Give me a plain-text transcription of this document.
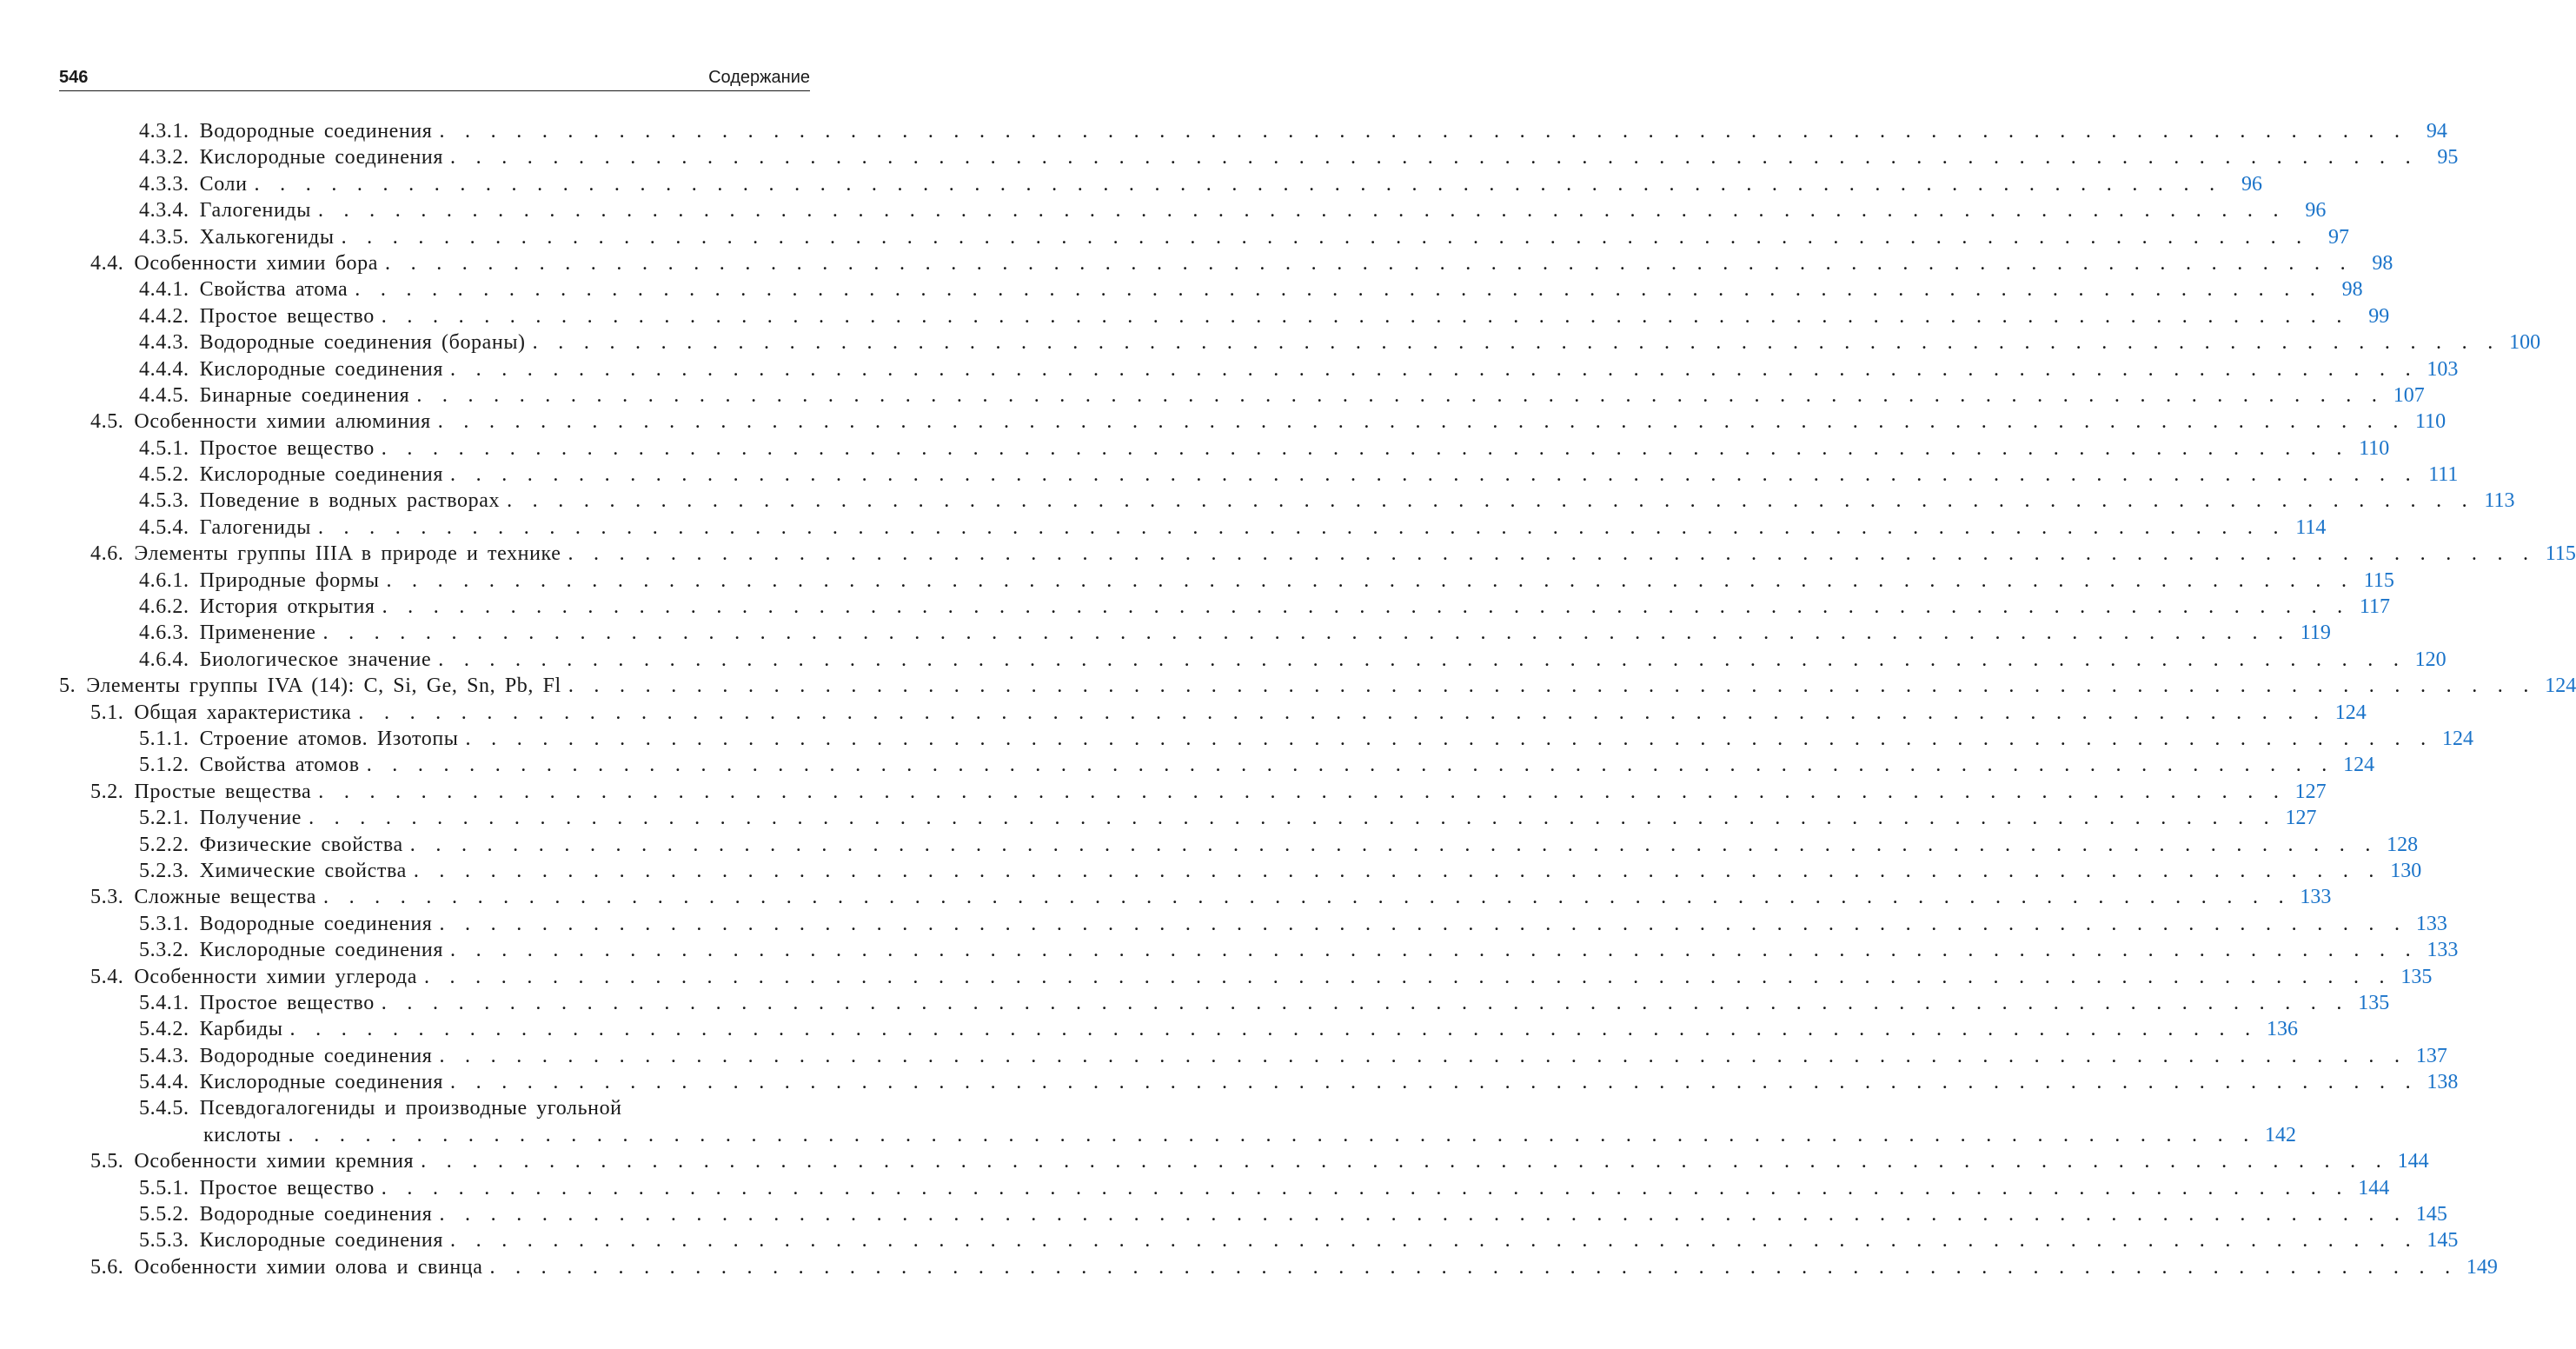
546	Содержание
4.3.1. Водородные соединения . . . . . . . . . . . . . . . . . . . . . . . . . . . . . . . . . . . . . . . . . . . . . . . . . . . . . . . . . . . . . . . . . . . . . . . . . . . . .	94
4.3.2. Кислородные соединения . . . . . . . . . . . . . . . . . . . . . . . . . . . . . . . . . . . . . . . . . . . . . . . . . . . . . . . . . . . . . . . . . . . . . . . . . . . . .	95
4.3.3. Соли . . . . . . . . . . . . . . . . . . . . . . . . . . . . . . . . . . . . . . . . . . . . . . . . . . . . . . . . . . . . . . . . . . . . . . . . . . . . .	96
4.3.4. Галогениды . . . . . . . . . . . . . . . . . . . . . . . . . . . . . . . . . . . . . . . . . . . . . . . . . . . . . . . . . . . . . . . . . . . . . . . . . . . . .	96
4.3.5. Халькогениды . . . . . . . . . . . . . . . . . . . . . . . . . . . . . . . . . . . . . . . . . . . . . . . . . . . . . . . . . . . . . . . . . . . . . . . . . . . . .	97
4.4. Особенности химии бора . . . . . . . . . . . . . . . . . . . . . . . . . . . . . . . . . . . . . . . . . . . . . . . . . . . . . . . . . . . . . . . . . . . . . . . . . . . . .	98
4.4.1. Свойства атома . . . . . . . . . . . . . . . . . . . . . . . . . . . . . . . . . . . . . . . . . . . . . . . . . . . . . . . . . . . . . . . . . . . . . . . . . . . . .	98
4.4.2. Простое вещество . . . . . . . . . . . . . . . . . . . . . . . . . . . . . . . . . . . . . . . . . . . . . . . . . . . . . . . . . . . . . . . . . . . . . . . . . . . . .	99
4.4.3. Водородные соединения (бораны) . . . . . . . . . . . . . . . . . . . . . . . . . . . . . . . . . . . . . . . . . . . . . . . . . . . . . . . . . . . . . . . . . . . . . . . . . . . . . 100
4.4.4. Кислородные соединения . . . . . . . . . . . . . . . . . . . . . . . . . . . . . . . . . . . . . . . . . . . . . . . . . . . . . . . . . . . . . . . . . . . . . . . . . . . . . 103
4.4.5. Бинарные соединения . . . . . . . . . . . . . . . . . . . . . . . . . . . . . . . . . . . . . . . . . . . . . . . . . . . . . . . . . . . . . . . . . . . . . . . . . . . . . 107
4.5. Особенности химии алюминия . . . . . . . . . . . . . . . . . . . . . . . . . . . . . . . . . . . . . . . . . . . . . . . . . . . . . . . . . . . . . . . . . . . . . . . . . . . . . 110
4.5.1. Простое вещество . . . . . . . . . . . . . . . . . . . . . . . . . . . . . . . . . . . . . . . . . . . . . . . . . . . . . . . . . . . . . . . . . . . . . . . . . . . . . 110
4.5.2. Кислородные соединения . . . . . . . . . . . . . . . . . . . . . . . . . . . . . . . . . . . . . . . . . . . . . . . . . . . . . . . . . . . . . . . . . . . . . . . . . . . . . 111
4.5.3. Поведение в водных растворах . . . . . . . . . . . . . . . . . . . . . . . . . . . . . . . . . . . . . . . . . . . . . . . . . . . . . . . . . . . . . . . . . . . . . . . . . . . . . 113
4.5.4. Галогениды . . . . . . . . . . . . . . . . . . . . . . . . . . . . . . . . . . . . . . . . . . . . . . . . . . . . . . . . . . . . . . . . . . . . . . . . . . . . . 114
4.6. Элементы группы IIIA в природе и технике . . . . . . . . . . . . . . . . . . . . . . . . . . . . . . . . . . . . . . . . . . . . . . . . . . . . . . . . . . . . . . . . . . . . . . . . . . . . . 115
4.6.1. Природные формы . . . . . . . . . . . . . . . . . . . . . . . . . . . . . . . . . . . . . . . . . . . . . . . . . . . . . . . . . . . . . . . . . . . . . . . . . . . . . 115
4.6.2. История открытия . . . . . . . . . . . . . . . . . . . . . . . . . . . . . . . . . . . . . . . . . . . . . . . . . . . . . . . . . . . . . . . . . . . . . . . . . . . . . 117
4.6.3. Применение . . . . . . . . . . . . . . . . . . . . . . . . . . . . . . . . . . . . . . . . . . . . . . . . . . . . . . . . . . . . . . . . . . . . . . . . . . . . . 119
4.6.4. Биологическое значение . . . . . . . . . . . . . . . . . . . . . . . . . . . . . . . . . . . . . . . . . . . . . . . . . . . . . . . . . . . . . . . . . . . . . . . . . . . . . 120
5. Элементы группы IVA (14): C, Si, Ge, Sn, Pb, Fl . . . . . . . . . . . . . . . . . . . . . . . . . . . . . . . . . . . . . . . . . . . . . . . . . . . . . . . . . . . . . . . . . . . . . . . . . . . . . 124
5.1. Общая характеристика . . . . . . . . . . . . . . . . . . . . . . . . . . . . . . . . . . . . . . . . . . . . . . . . . . . . . . . . . . . . . . . . . . . . . . . . . . . . . 124
5.1.1. Строение атомов. Изотопы . . . . . . . . . . . . . . . . . . . . . . . . . . . . . . . . . . . . . . . . . . . . . . . . . . . . . . . . . . . . . . . . . . . . . . . . . . . . . 124
5.1.2. Свойства атомов . . . . . . . . . . . . . . . . . . . . . . . . . . . . . . . . . . . . . . . . . . . . . . . . . . . . . . . . . . . . . . . . . . . . . . . . . . . . . 124
5.2. Простые вещества . . . . . . . . . . . . . . . . . . . . . . . . . . . . . . . . . . . . . . . . . . . . . . . . . . . . . . . . . . . . . . . . . . . . . . . . . . . . . 127
5.2.1. Получение . . . . . . . . . . . . . . . . . . . . . . . . . . . . . . . . . . . . . . . . . . . . . . . . . . . . . . . . . . . . . . . . . . . . . . . . . . . . . 127
5.2.2. Физические свойства . . . . . . . . . . . . . . . . . . . . . . . . . . . . . . . . . . . . . . . . . . . . . . . . . . . . . . . . . . . . . . . . . . . . . . . . . . . . . 128
5.2.3. Химические свойства . . . . . . . . . . . . . . . . . . . . . . . . . . . . . . . . . . . . . . . . . . . . . . . . . . . . . . . . . . . . . . . . . . . . . . . . . . . . . 130
5.3. Сложные вещества . . . . . . . . . . . . . . . . . . . . . . . . . . . . . . . . . . . . . . . . . . . . . . . . . . . . . . . . . . . . . . . . . . . . . . . . . . . . . 133
5.3.1. Водородные соединения . . . . . . . . . . . . . . . . . . . . . . . . . . . . . . . . . . . . . . . . . . . . . . . . . . . . . . . . . . . . . . . . . . . . . . . . . . . . . 133
5.3.2. Кислородные соединения . . . . . . . . . . . . . . . . . . . . . . . . . . . . . . . . . . . . . . . . . . . . . . . . . . . . . . . . . . . . . . . . . . . . . . . . . . . . . 133
5.4. Особенности химии углерода . . . . . . . . . . . . . . . . . . . . . . . . . . . . . . . . . . . . . . . . . . . . . . . . . . . . . . . . . . . . . . . . . . . . . . . . . . . . . 135
5.4.1. Простое вещество . . . . . . . . . . . . . . . . . . . . . . . . . . . . . . . . . . . . . . . . . . . . . . . . . . . . . . . . . . . . . . . . . . . . . . . . . . . . . 135
5.4.2. Карбиды . . . . . . . . . . . . . . . . . . . . . . . . . . . . . . . . . . . . . . . . . . . . . . . . . . . . . . . . . . . . . . . . . . . . . . . . . . . . . 136
5.4.3. Водородные соединения . . . . . . . . . . . . . . . . . . . . . . . . . . . . . . . . . . . . . . . . . . . . . . . . . . . . . . . . . . . . . . . . . . . . . . . . . . . . . 137
5.4.4. Кислородные соединения . . . . . . . . . . . . . . . . . . . . . . . . . . . . . . . . . . . . . . . . . . . . . . . . . . . . . . . . . . . . . . . . . . . . . . . . . . . . . 138
5.4.5. Псевдогалогениды и производные угольной
кислоты . . . . . . . . . . . . . . . . . . . . . . . . . . . . . . . . . . . . . . . . . . . . . . . . . . . . . . . . . . . . . . . . . . . . . . . . . . . . . 142
5.5. Особенности химии кремния . . . . . . . . . . . . . . . . . . . . . . . . . . . . . . . . . . . . . . . . . . . . . . . . . . . . . . . . . . . . . . . . . . . . . . . . . . . . . 144
5.5.1. Простое вещество . . . . . . . . . . . . . . . . . . . . . . . . . . . . . . . . . . . . . . . . . . . . . . . . . . . . . . . . . . . . . . . . . . . . . . . . . . . . . 144
5.5.2. Водородные соединения . . . . . . . . . . . . . . . . . . . . . . . . . . . . . . . . . . . . . . . . . . . . . . . . . . . . . . . . . . . . . . . . . . . . . . . . . . . . . 145
5.5.3. Кислородные соединения . . . . . . . . . . . . . . . . . . . . . . . . . . . . . . . . . . . . . . . . . . . . . . . . . . . . . . . . . . . . . . . . . . . . . . . . . . . . . 145
5.6. Особенности химии олова и свинца . . . . . . . . . . . . . . . . . . . . . . . . . . . . . . . . . . . . . . . . . . . . . . . . . . . . . . . . . . . . . . . . . . . . . . . . . . . . . 149
